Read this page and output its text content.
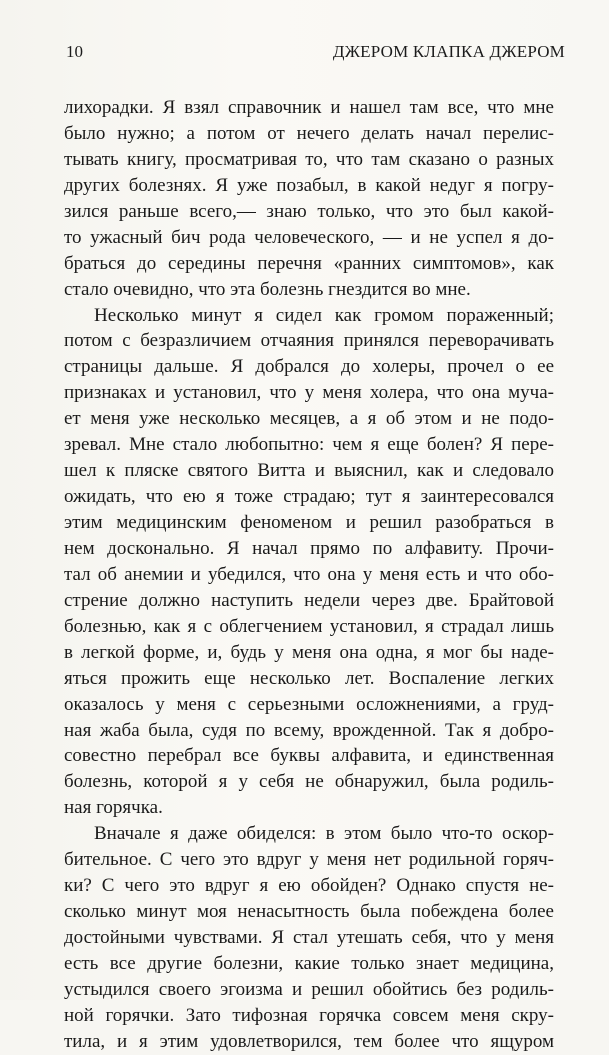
10	ДЖЕРОМ КЛАПКА ДЖЕРОМ
лихорадки. Я взял справочник и нашел там все, что мне
было нужно; а потом от нечего делать начал перелис-
тывать книгу, просматривая то, что там сказано о разных
других болезнях. Я уже позабыл, в какой недуг я погру-
зился раньше всего,— знаю только, что это был какой-
то ужасный бич рода человеческого, — и не успел я до-
браться до середины перечня «ранних симптомов», как
стало очевидно, что эта болезнь гнездится во мне.
Несколько минут я сидел как громом пораженный;
потом с безразличием отчаяния принялся переворачивать
страницы дальше. Я добрался до холеры, прочел о ее
признаках и установил, что у меня холера, что она муча-
ет меня уже несколько месяцев, а я об этом и не подо-
зревал. Мне стало любопытно: чем я еще болен? Я пере-
шел к пляске святого Витта и выяснил, как и следовало
ожидать, что ею я тоже страдаю; тут я заинтересовался
этим медицинским феноменом и решил разобраться в
нем досконально. Я начал прямо по алфавиту. Прочи-
тал об анемии и убедился, что она у меня есть и что обо-
стрение должно наступить недели через две. Брайтовой
болезнью, как я с облегчением установил, я страдал лишь
в легкой форме, и, будь у меня она одна, я мог бы наде-
яться прожить еще несколько лет. Воспаление легких
оказалось у меня с серьезными осложнениями, а груд-
ная жаба была, судя по всему, врожденной. Так я добро-
совестно перебрал все буквы алфавита, и единственная
болезнь, которой я у себя не обнаружил, была родиль-
ная горячка.
Вначале я даже обиделся: в этом было что-то оскор-
бительное. С чего это вдруг у меня нет родильной горяч-
ки? С чего это вдруг я ею обойден? Однако спустя не-
сколько минут моя ненасытность была побеждена более
достойными чувствами. Я стал утешать себя, что у меня
есть все другие болезни, какие только знает медицина,
устыдился своего эгоизма и решил обойтись без родиль-
ной горячки. Зато тифозная горячка совсем меня скру-
тила, и я этим удовлетворился, тем более что ящуром
